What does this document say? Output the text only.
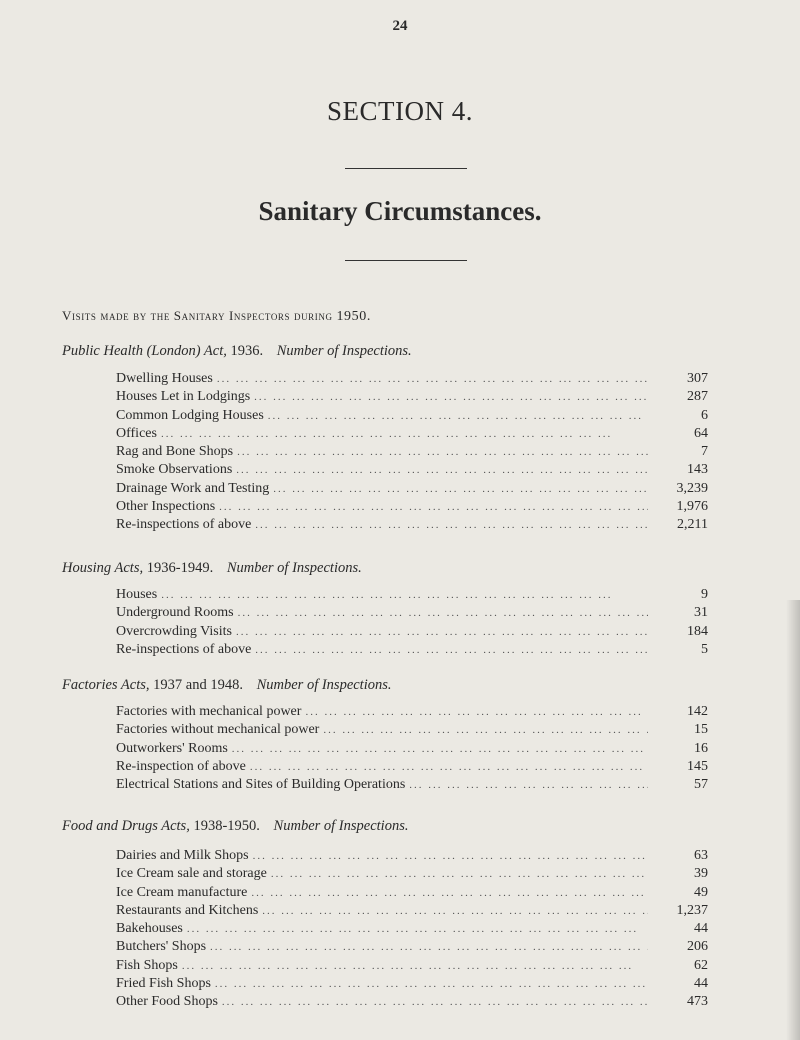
24
SECTION 4.
Sanitary Circumstances.
Visits made by the Sanitary Inspectors during 1950.
Public Health (London) Act, 1936. Number of Inspections.
Dwelling Houses ... .	307
Houses Let in Lodgings ... .	287
Common Lodging Houses ... .	6
Offices ... .	64
Rag and Bone Shops ... .	7
Smoke Observations ... .	143
Drainage Work and Testing ... .	3,239
Other Inspections ... .	1,976
Re-inspections of above ... .	2,211
Housing Acts, 1936-1949. Number of Inspections.
Houses ... .	9
Underground Rooms ... .	31
Overcrowding Visits ... .	184
Re-inspections of above ... .	5
Factories Acts, 1937 and 1948. Number of Inspections.
Factories with mechanical power ... .	142
Factories without mechanical power ... .	15
Outworkers' Rooms ... .	16
Re-inspection of above ... .	145
Electrical Stations and Sites of Building Operations ... .	57
Food and Drugs Acts, 1938-1950. Number of Inspections.
Dairies and Milk Shops ... .	63
Ice Cream sale and storage ... .	39
Ice Cream manufacture ... .	49
Restaurants and Kitchens ... .	1,237
Bakehouses ... .	44
Butchers' Shops ... .	206
Fish Shops ... .	62
Fried Fish Shops ... .	44
Other Food Shops ... .	473
